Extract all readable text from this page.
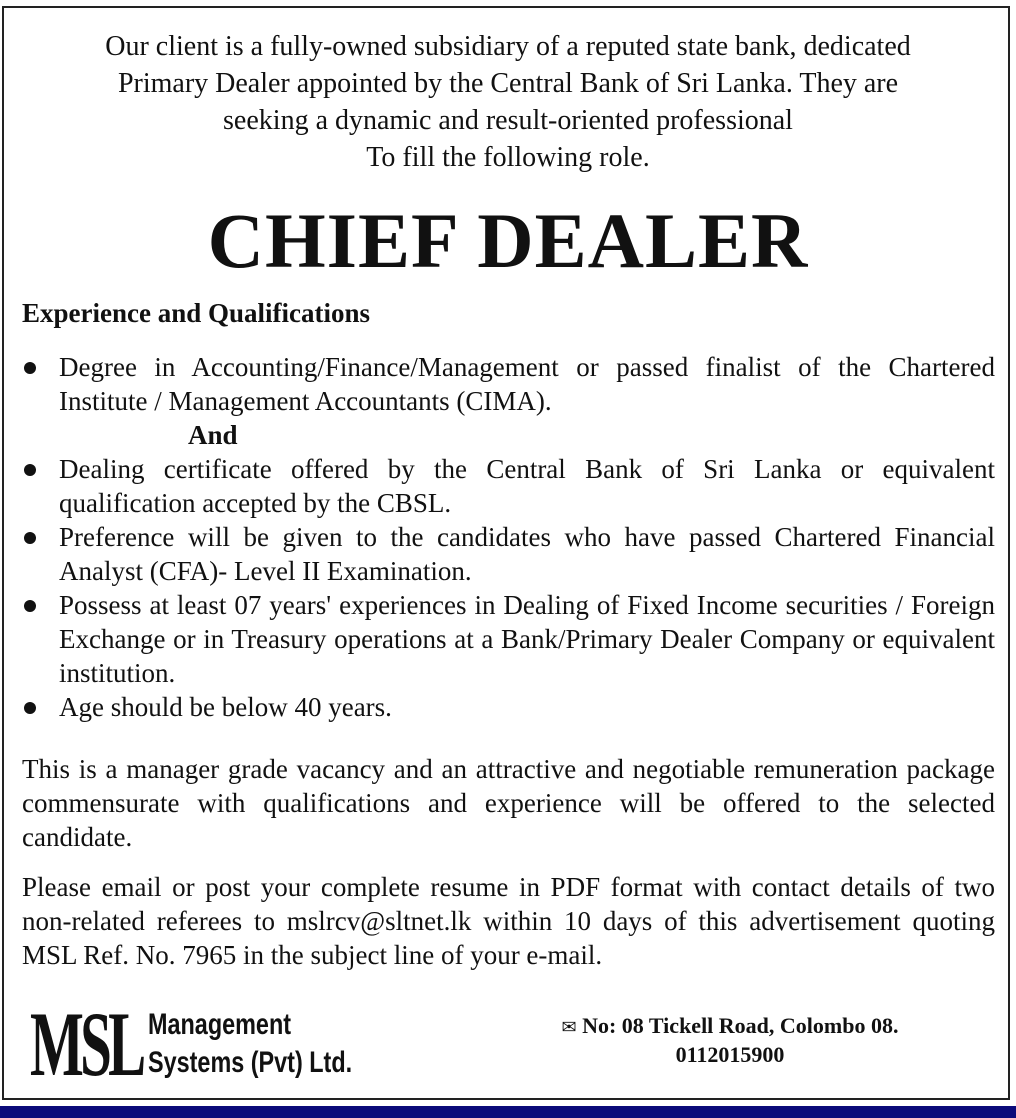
Our client is a fully-owned subsidiary of a reputed state bank, dedicated
Primary Dealer appointed by the Central Bank of Sri Lanka. They are
seeking a dynamic and result-oriented professional
To fill the following role.
CHIEF DEALER
Experience and Qualifications
Degree in Accounting/Finance/Management or passed finalist of the Chartered Institute / Management Accountants (CIMA).
And
Dealing certificate offered by the Central Bank of Sri Lanka or equivalent qualification accepted by the CBSL.
Preference will be given to the candidates who have passed Chartered Financial Analyst (CFA)- Level II Examination.
Possess at least 07 years' experiences in Dealing of Fixed Income securities / Foreign Exchange or in Treasury operations at a Bank/Primary Dealer Company or equivalent institution.
Age should be below 40 years.
This is a manager grade vacancy and an attractive and negotiable remuneration package commensurate with qualifications and experience will be offered to the selected candidate.
Please email or post your complete resume in PDF format with contact details of two non-related referees to mslrcv@sltnet.lk within 10 days of this advertisement quoting MSL Ref. No. 7965 in the subject line of your e-mail.
MSL Management
Systems (Pvt) Ltd.
✉ No: 08 Tickell Road, Colombo 08.
0112015900
